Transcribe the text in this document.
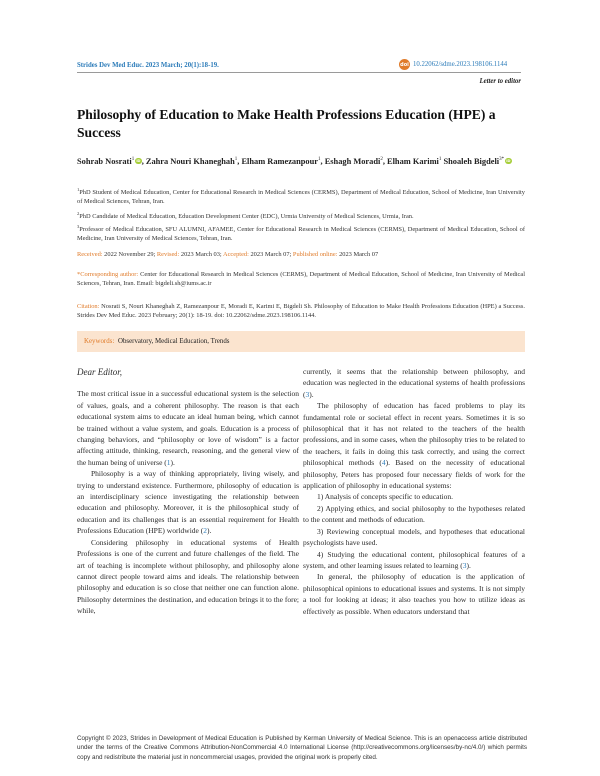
Strides Dev Med Educ. 2023 March; 20(1):18-19.	doi 10.22062/sdme.2023.198106.1144
Letter to editor
Philosophy of Education to Make Health Professions Education (HPE) a Success
Sohrab Nosrati$^1$ iD, Zahra Nouri Khaneghah$^1$, Elham Ramezanpour$^1$, Eshagh Moradi$^2$, Elham Karimi$^1$ Shoaleh Bigdeli$^{3*}$ iD
$^1$PhD Student of Medical Education, Center for Educational Research in Medical Sciences (CERMS), Department of Medical Education, School of Medicine, Iran University of Medical Sciences, Tehran, Iran.
$^2$PhD Candidate of Medical Education, Education Development Center (EDC), Urmia University of Medical Sciences, Urmia, Iran.
$^3$Professor of Medical Education, SFU ALUMNI, AFAMEE, Center for Educational Research in Medical Sciences (CERMS), Department of Medical Education, School of Medicine, Iran University of Medical Sciences, Tehran, Iran.
Received: 2022 November 29; Revised: 2023 March 03; Accepted: 2023 March 07; Published online: 2023 March 07
*Corresponding author: Center for Educational Research in Medical Sciences (CERMS), Department of Medical Education, School of Medicine, Iran University of Medical Sciences, Tehran, Iran. Email: bigdeli.sh@iums.ac.ir
Citation: Nosrati S, Nouri Khaneghah Z, Ramezanpour E, Moradi E, Karimi E, Bigdeli Sh. Philosophy of Education to Make Health Professions Education (HPE) a Success. Strides Dev Med Educ. 2023 February; 20(1): 18-19. doi: 10.22062/sdme.2023.198106.1144.
Keywords:
Observatory, Medical Education, Trends

Dear Editor,

The most critical issue in a successful educational system is the selection of values, goals, and a coherent philosophy. The reason is that each educational system aims to educate an ideal human being, which cannot be trained without a value system, and goals. Education is a process of changing behaviors, and “philosophy or love of wisdom” is a factor affecting attitude, thinking, research, reasoning, and the general view of the human being of universe (1).

Philosophy is a way of thinking appropriately, living wisely, and trying to understand existence. Furthermore, philosophy of education is an interdisciplinary science investigating the relationship between education and philosophy. Moreover, it is the philosophical study of education and its challenges that is an essential requirement for Health Professions Education (HPE) worldwide (2).

Considering philosophy in educational systems of Health Professions is one of the current and future challenges of the field. The art of teaching is incomplete without philosophy, and philosophy alone cannot direct people toward aims and ideals. The relationship between philosophy and education is so close that neither one can function alone. Philosophy determines the destination, and education brings it to the fore; while,

currently, it seems that the relationship between philosophy, and education was neglected in the educational systems of health professions (3).

The philosophy of education has faced problems to play its fundamental role or societal effect in recent years. Sometimes it is so philosophical that it has not related to the teachers of the health professions, and in some cases, when the philosophy tries to be related to the teachers, it fails in doing this task correctly, and using the correct philosophical methods (4). Based on the necessity of educational philosophy, Peters has proposed four necessary fields of work for the application of philosophy in educational systems:

1) Analysis of concepts specific to education.

2) Applying ethics, and social philosophy to the hypotheses related to the content and methods of education.

3) Reviewing conceptual models, and hypotheses that educational psychologists have used.

4) Studying the educational content, philosophical features of a system, and other learning issues related to learning (3).

In general, the philosophy of education is the application of philosophical opinions to educational issues and systems. It is not simply a tool for looking at ideas; it also teaches you how to utilize ideas as effectively as possible. When educators understand that

Copyright © 2023, Strides in Development of Medical Education is Published by Kerman University of Medical Science. This is an openaccess article distributed under the terms of the Creative Commons Attribution-NonCommercial 4.0 International License (http://creativecommons.org/licenses/by-nc/4.0/) which permits copy and redistribute the material just in noncommercial usages, provided the original work is properly cited.
